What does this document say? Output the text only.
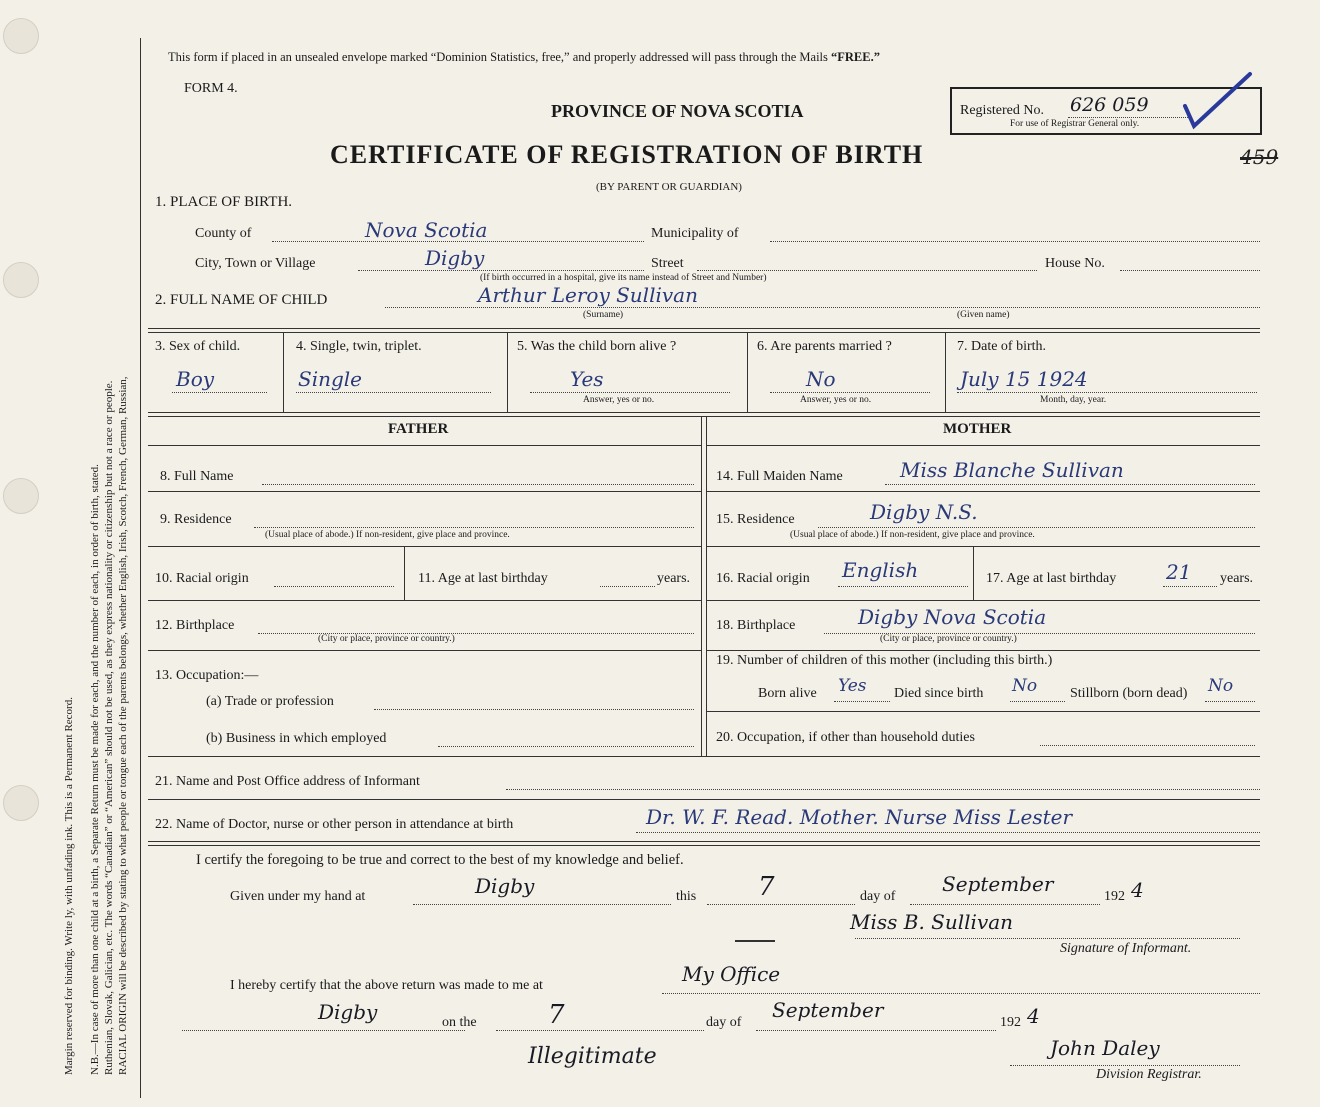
RACIAL ORIGIN will be described by stating to what people or tongue each of the parents belongs, whether English, Irish, Scotch, French, German, Russian,
Ruthenian, Slovak, Galician, etc. The words “Canadian” or “American” should not be used, as they express nationality or citizenship but not a race or people.
N.B.—In case of more than one child at a birth, a Separate Return must be made for each, and the number of each, in order of birth, stated.
Margin reserved for binding. Write ly, with unfading ink. This is a Permanent Record.
This form if placed in an unsealed envelope marked “Dominion Statistics, free,” and properly addressed will pass through the Mails “FREE.”
FORM 4.
PROVINCE OF NOVA SCOTIA
CERTIFICATE OF REGISTRATION OF BIRTH
(BY PARENT OR GUARDIAN)
Registered No. 626 059
For use of Registrar General only.
459
1. PLACE OF BIRTH.
County of	Nova Scotia	Municipality of
City, Town or Village	Digby	Street	House No.
(If birth occurred in a hospital, give its name instead of Street and Number)
2. FULL NAME OF CHILD	Arthur Leroy Sullivan
(Surname)	(Given name)
3. Sex of child.
Boy
4. Single, twin, triplet.
Single
5. Was the child born alive ?
Yes
Answer, yes or no.
6. Are parents married ?
No
Answer, yes or no.
7. Date of birth.
July 15 1924
Month, day, year.
FATHER	MOTHER
8. Full Name
9. Residence
(Usual place of abode.) If non-resident, give place and province.
10. Racial origin	11. Age at last birthday	years.
12. Birthplace
(City or place, province or country.)
13. Occupation:—
(a) Trade or profession
(b) Business in which employed
14. Full Maiden Name	Miss Blanche Sullivan
15. Residence	Digby N.S.
(Usual place of abode.) If non-resident, give place and province.
16. Racial origin English	17. Age at last birthday 21 years.
18. Birthplace	Digby Nova Scotia
(City or place, province or country.)
19. Number of children of this mother (including this birth.)
Born alive Yes Died since birth No Stillborn (born dead) No
20. Occupation, if other than household duties
21. Name and Post Office address of Informant
22. Name of Doctor, nurse or other person in attendance at birth	Dr. W. F. Read. Mother. Nurse Miss Lester
I certify the foregoing to be true and correct to the best of my knowledge and belief.
Given under my hand at	Digby	this 7	day of
September
192 4
Miss B. Sullivan
Signature of Informant.
I hereby certify that the above return was made to me at	My Office
Digby	on the	7	day of
September
192 4
Illegitimate	John Daley
Division Registrar.
